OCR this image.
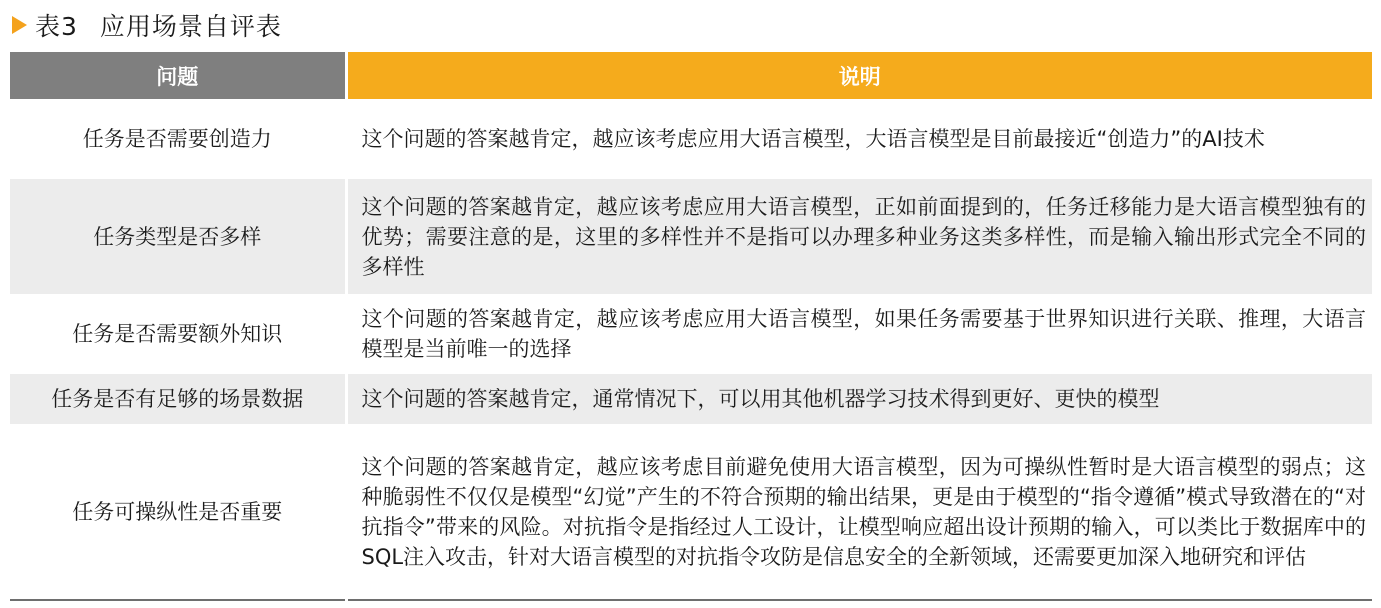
表3 应用场景自评表
问题	说明
任务是否需要创造力	这个问题的答案越肯定，越应该考虑应用大语言模型，大语言模型是目前最接近“创造力”的AI技术
任务类型是否多样	这个问题的答案越肯定，越应该考虑应用大语言模型，正如前面提到的，任务迁移能力是大语言模型独有的优势；需要注意的是，这里的多样性并不是指可以办理多种业务这类多样性，而是输入输出形式完全不同的多样性
任务是否需要额外知识	这个问题的答案越肯定，越应该考虑应用大语言模型，如果任务需要基于世界知识进行关联、推理，大语言模型是当前唯一的选择
任务是否有足够的场景数据	这个问题的答案越肯定，通常情况下，可以用其他机器学习技术得到更好、更快的模型
任务可操纵性是否重要	这个问题的答案越肯定，越应该考虑目前避免使用大语言模型，因为可操纵性暂时是大语言模型的弱点；这种脆弱性不仅仅是模型“幻觉”产生的不符合预期的输出结果，更是由于模型的“指令遵循”模式导致潜在的“对抗指令”带来的风险。对抗指令是指经过人工设计，让模型响应超出设计预期的输入，可以类比于数据库中的SQL注入攻击，针对大语言模型的对抗指令攻防是信息安全的全新领域，还需要更加深入地研究和评估
